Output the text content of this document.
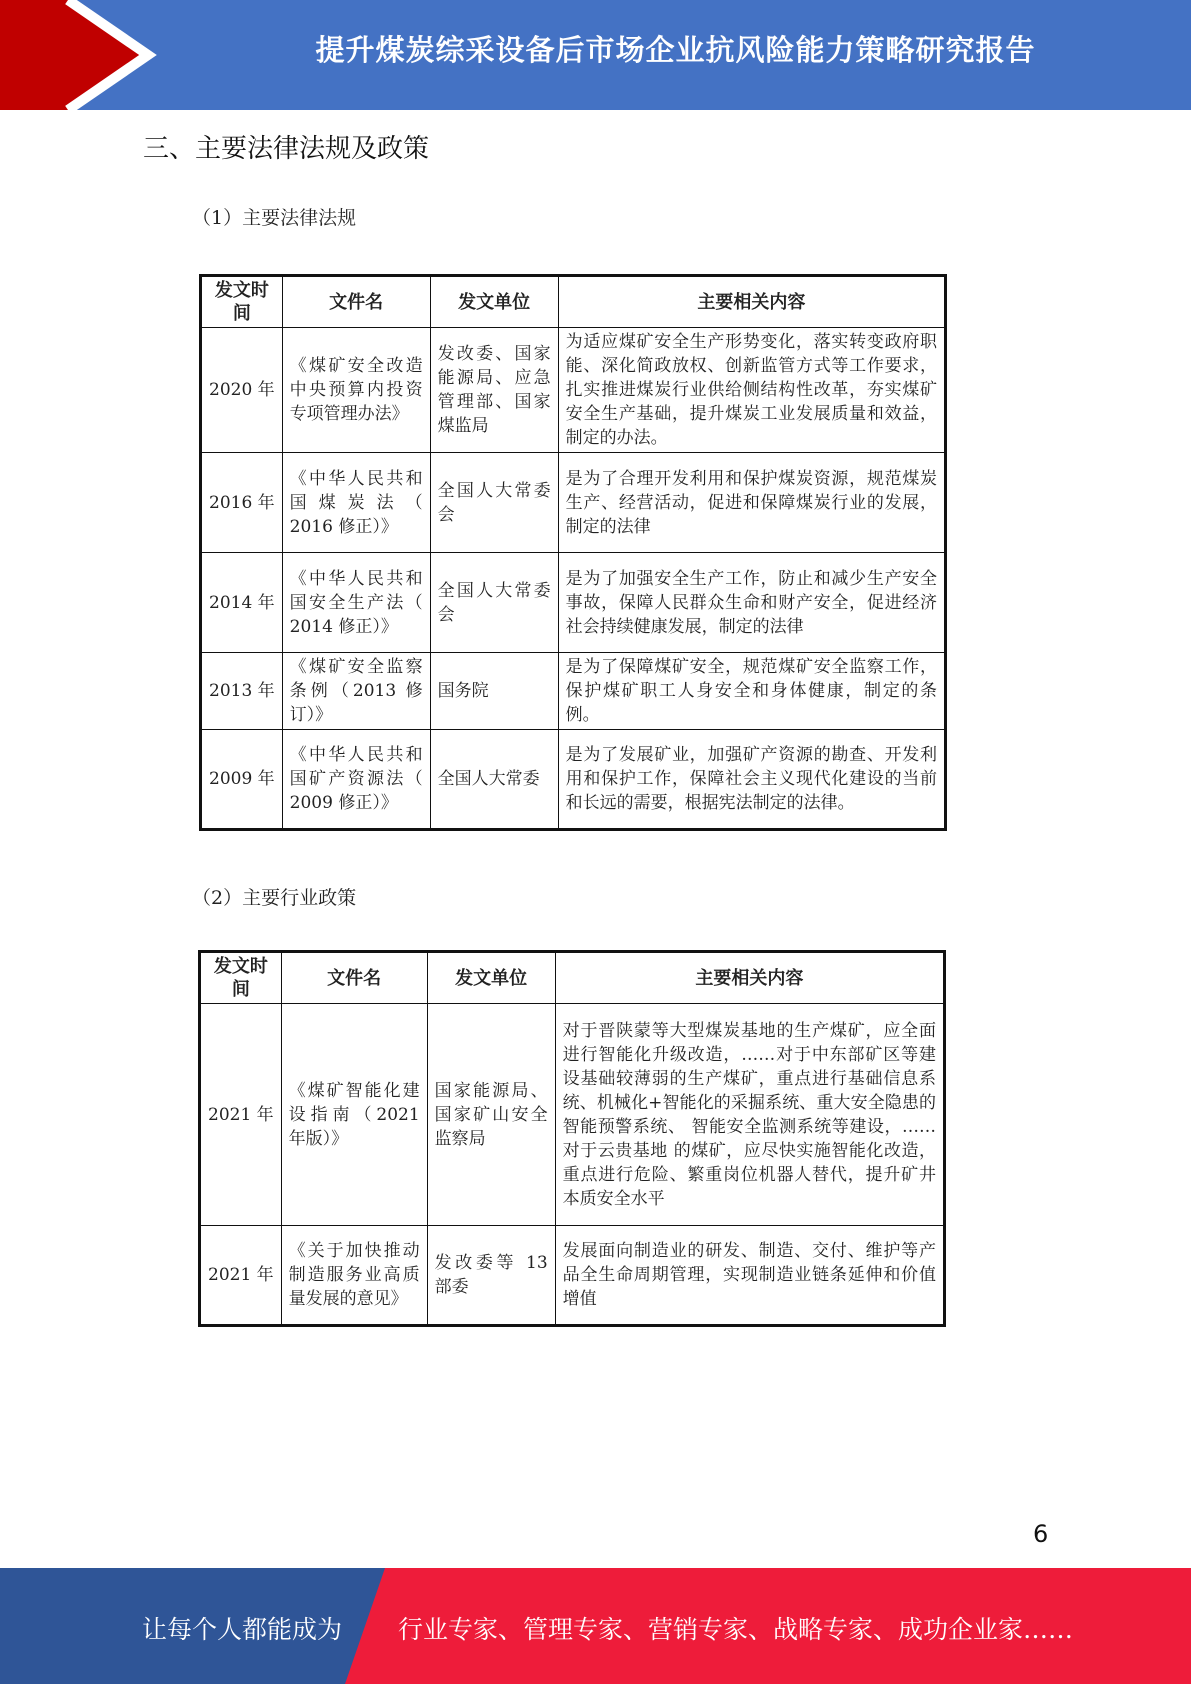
提升煤炭综采设备后市场企业抗风险能力策略研究报告
三、主要法律法规及政策
（1）主要法律法规
发文时间	文件名	发文单位	主要相关内容
2020 年	《煤矿安全改造中央预算内投资专项管理办法》	发改委、国家能源局、应急管理部、国家煤监局	为适应煤矿安全生产形势变化，落实转变政府职能、深化简政放权、创新监管方式等工作要求，扎实推进煤炭行业供给侧结构性改革，夯实煤矿安全生产基础，提升煤炭工业发展质量和效益，制定的办法。
2016 年	《中华人民共和国煤炭法（ 2016 修正）》	全国人大常委会	是为了合理开发利用和保护煤炭资源，规范煤炭生产、经营活动，促进和保障煤炭行业的发展，制定的法律
2014 年	《中华人民共和国安全生产法（ 2014 修正）》	全国人大常委会	是为了加强安全生产工作，防止和减少生产安全事故，保障人民群众生命和财产安全，促进经济社会持续健康发展，制定的法律
2013 年	《煤矿安全监察条例（2013 修订）》	国务院	是为了保障煤矿安全，规范煤矿安全监察工作，保护煤矿职工人身安全和身体健康，制定的条例。
2009 年	《中华人民共和国矿产资源法（ 2009 修正）》	全国人大常委	是为了发展矿业，加强矿产资源的勘查、开发利用和保护工作，保障社会主义现代化建设的当前和长远的需要，根据宪法制定的法律。
（2）主要行业政策
发文时间	文件名	发文单位	主要相关内容
2021 年	《煤矿智能化建设指南（2021 年版）》	国家能源局、国家矿山安全监察局	对于晋陕蒙等大型煤炭基地的生产煤矿，应全面进行智能化升级改造，……对于中东部矿区等建设基础较薄弱的生产煤矿，重点进行基础信息系统、机械化+智能化的采掘系统、重大安全隐患的智能预警系统、 智能安全监测系统等建设，……对于云贵基地 的煤矿，应尽快实施智能化改造，重点进行危险、繁重岗位机器人替代，提升矿井本质安全水平
2021 年	《关于加快推动制造服务业高质量发展的意见》	发改委等 13 部委	发展面向制造业的研发、制造、交付、维护等产品全生命周期管理，实现制造业链条延伸和价值增值
6
让每个人都能成为 行业专家、管理专家、营销专家、战略专家、成功企业家……
